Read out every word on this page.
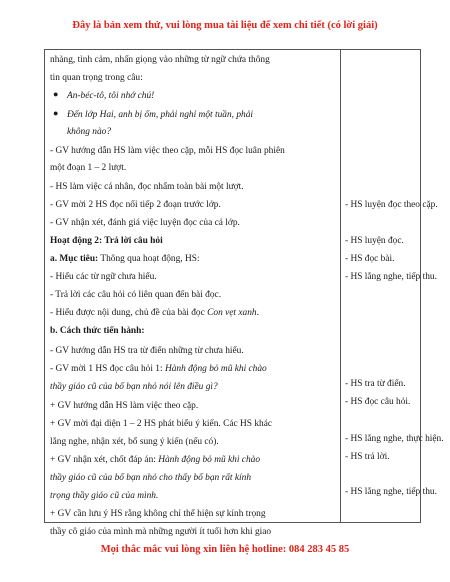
Đây là bản xem thử, vui lòng mua tài liệu để xem chi tiết (có lời giải)
nhàng, tình cảm, nhấn giọng vào những từ ngữ chứa thông
tin quan trọng trong câu:
● An-béc-tô, tôi nhớ chú!
● Đến lớp Hai, anh bị ốm, phải nghỉ một tuần, phải
không nào?
- GV hướng dẫn HS làm việc theo cặp, mỗi HS đọc luân phiên
một đoạn 1 – 2 lượt.
- HS làm việc cá nhân, đọc nhẩm toàn bài một lượt.
- GV mời 2 HS đọc nối tiếp 2 đoạn trước lớp.
- GV nhận xét, đánh giá việc luyện đọc của cả lớp.
Hoạt động 2: Trả lời câu hỏi
a. Mục tiêu: Thông qua hoạt động, HS:
- Hiểu các từ ngữ chưa hiểu.
- Trả lời các câu hỏi có liên quan đến bài đọc.
- Hiểu được nội dung, chủ đề của bài đọc Con vẹt xanh.
b. Cách thức tiến hành:
- GV hướng dẫn HS tra từ điển những từ chưa hiểu.
- GV mời 1 HS đọc câu hỏi 1: Hành động bỏ mũ khi chào
thầy giáo cũ của bố bạn nhỏ nói lên điều gì?
+ GV hướng dẫn HS làm việc theo cặp.
+ GV mời đại diện 1 – 2 HS phát biểu ý kiến. Các HS khác
lắng nghe, nhận xét, bổ sung ý kiến (nếu có).
+ GV nhận xét, chốt đáp án: Hành động bỏ mũ khi chào
thầy giáo cũ của bố bạn nhỏ cho thấy bố bạn rất kính
trọng thầy giáo cũ của mình.
+ GV cần lưu ý HS rằng không chỉ thể hiện sự kính trọng
thầy cô giáo của mình mà những người ít tuổi hơn khi giao
- HS luyện đọc theo cặp.
- HS luyện đọc.
- HS đọc bài.
- HS lắng nghe, tiếp thu.
- HS tra từ điển.
- HS đọc câu hỏi.
- HS lắng nghe, thực hiện.
- HS trả lời.
- HS lắng nghe, tiếp thu.
Mọi thắc mắc vui lòng xin liên hệ hotline: 084 283 45 85
